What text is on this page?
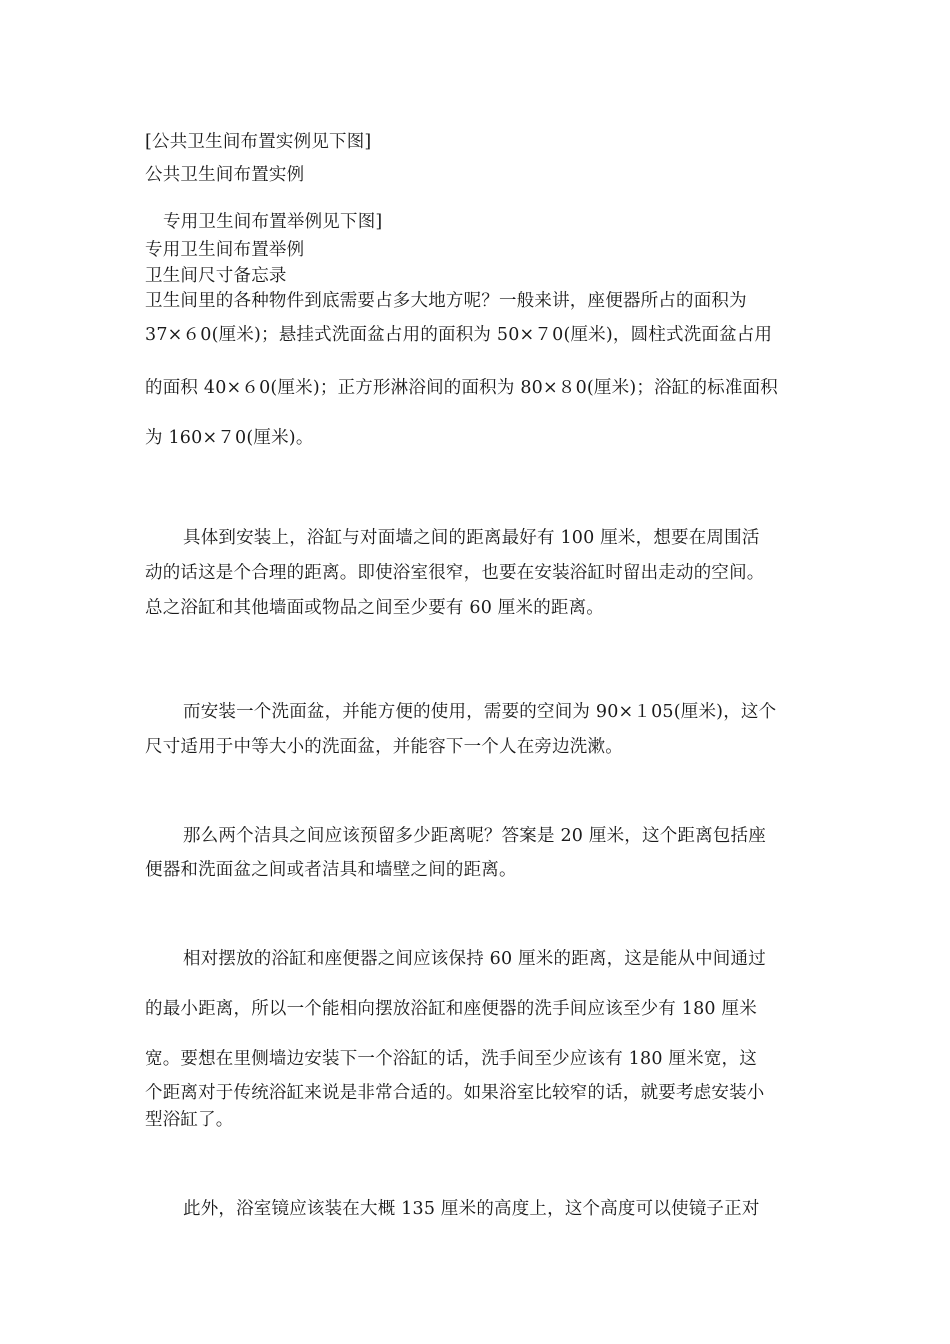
[公共卫生间布置实例见下图]
公共卫生间布置实例
专用卫生间布置举例见下图]
专用卫生间布置举例
卫生间尺寸备忘录
卫生间里的各种物件到底需要占多大地方呢？一般来讲，座便器所占的面积为
37×６0(厘米)；悬挂式洗面盆占用的面积为 50×７0(厘米)，圆柱式洗面盆占用
的面积 40×６0(厘米)；正方形淋浴间的面积为 80×８0(厘米)；浴缸的标准面积
为 160×７0(厘米)。
具体到安装上，浴缸与对面墙之间的距离最好有 100 厘米，想要在周围活
动的话这是个合理的距离。即使浴室很窄，也要在安装浴缸时留出走动的空间。
总之浴缸和其他墙面或物品之间至少要有 60 厘米的距离。
而安装一个洗面盆，并能方便的使用，需要的空间为 90×１05(厘米)，这个
尺寸适用于中等大小的洗面盆，并能容下一个人在旁边洗漱。
那么两个洁具之间应该预留多少距离呢？答案是 20 厘米，这个距离包括座
便器和洗面盆之间或者洁具和墙壁之间的距离。
相对摆放的浴缸和座便器之间应该保持 60 厘米的距离，这是能从中间通过
的最小距离，所以一个能相向摆放浴缸和座便器的洗手间应该至少有 180 厘米
宽。要想在里侧墙边安装下一个浴缸的话，洗手间至少应该有 180 厘米宽，这
个距离对于传统浴缸来说是非常合适的。如果浴室比较窄的话，就要考虑安装小
型浴缸了。
此外，浴室镜应该装在大概 135 厘米的高度上，这个高度可以使镜子正对
